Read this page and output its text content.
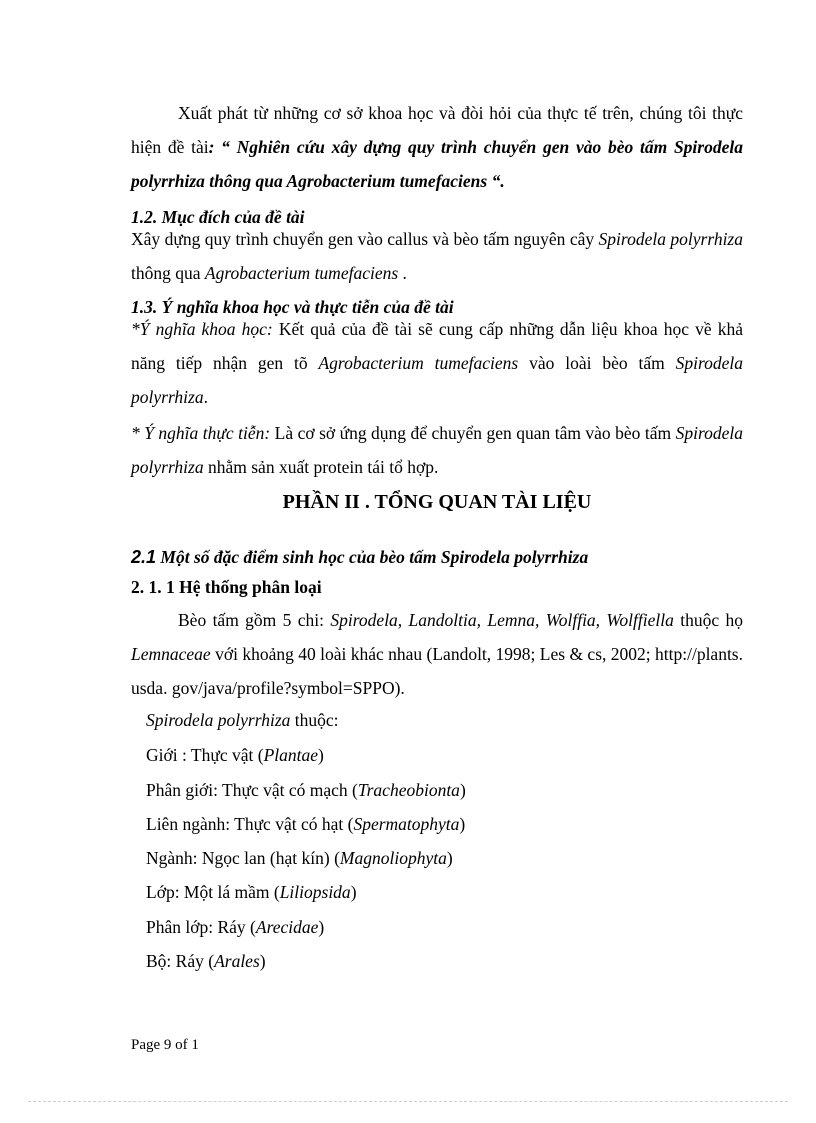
Xuất phát từ những cơ sở khoa học và đòi hỏi của thực tế trên, chúng tôi thực hiện đề tài: “ Nghiên cứu xây dựng quy trình chuyển gen vào bèo tấm Spirodela polyrrhiza thông qua Agrobacterium tumefaciens “.
1.2. Mục đích của đề tài
Xây dựng quy trình chuyển gen vào callus và bèo tấm nguyên cây Spirodela polyrrhiza thông qua Agrobacterium tumefaciens .
1.3. Ý nghĩa khoa học và thực tiễn của đề tài
*Ý nghĩa khoa học: Kết quả của đề tài sẽ cung cấp những dẫn liệu khoa học về khả năng tiếp nhận gen tõ Agrobacterium tumefaciens vào loài bèo tấm Spirodela polyrrhiza.
* Ý nghĩa thực tiễn: Là cơ sở ứng dụng để chuyển gen quan tâm vào bèo tấm Spirodela polyrrhiza nhằm sản xuất protein tái tổ hợp.
PHẦN II . TỔNG QUAN TÀI LIỆU
2.1 Một số đặc điểm sinh học của bèo tấm Spirodela polyrrhiza
2. 1. 1 Hệ thống phân loại
Bèo tấm gồm 5 chi: Spirodela, Landoltia, Lemna, Wolffia, Wolffiella thuộc họ Lemnaceae với khoảng 40 loài khác nhau (Landolt, 1998; Les & cs, 2002; http://plants. usda. gov/java/profile?symbol=SPPO).
Spirodela polyrrhiza thuộc:
Giới : Thực vật (Plantae)
Phân giới: Thực vật có mạch (Tracheobionta)
Liên ngành: Thực vật có hạt (Spermatophyta)
Ngành: Ngọc lan (hạt kín) (Magnoliophyta)
Lớp: Một lá mầm (Liliopsida)
Phân lớp: Ráy (Arecidae)
Bộ: Ráy (Arales)
Page 9 of 1
